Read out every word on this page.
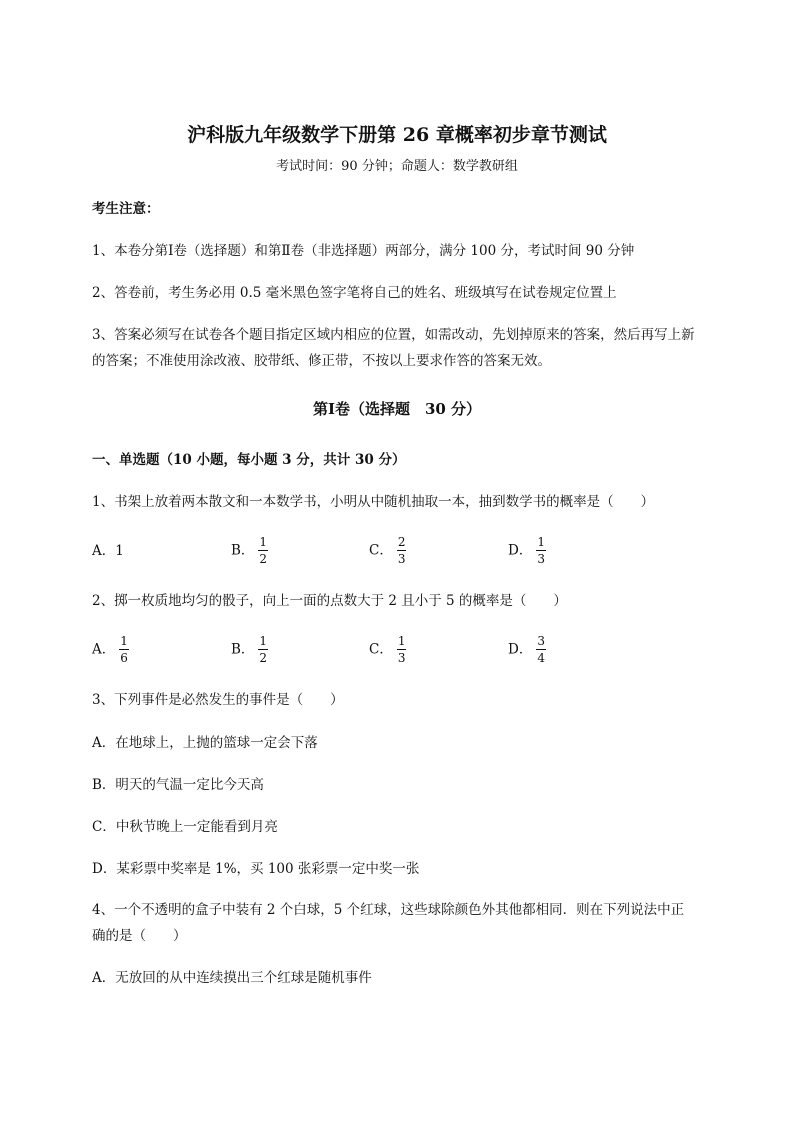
沪科版九年级数学下册第 26 章概率初步章节测试
考试时间：90 分钟；命题人：数学教研组
考生注意：
1、本卷分第Ⅰ卷（选择题）和第Ⅱ卷（非选择题）两部分，满分 100 分，考试时间 90 分钟
2、答卷前，考生务必用 0.5 毫米黑色签字笔将自己的姓名、班级填写在试卷规定位置上
3、答案必须写在试卷各个题目指定区域内相应的位置，如需改动，先划掉原来的答案，然后再写上新
的答案；不准使用涂改液、胶带纸、修正带，不按以上要求作答的答案无效。
第Ⅰ卷（选择题　30 分）
一、单选题（10 小题，每小题 3 分，共计 30 分）
1、书架上放着两本散文和一本数学书，小明从中随机抽取一本，抽到数学书的概率是（　　）
A．1	B． $\frac{1}{2}$	C． $\frac{2}{3}$	D． $\frac{1}{3}$
2、掷一枚质地均匀的骰子，向上一面的点数大于 2 且小于 5 的概率是（　　）
A． $\frac{1}{6}$	B． $\frac{1}{2}$	C． $\frac{1}{3}$	D． $\frac{3}{4}$
3、下列事件是必然发生的事件是（　　）
A．在地球上，上抛的篮球一定会下落
B．明天的气温一定比今天高
C．中秋节晚上一定能看到月亮
D．某彩票中奖率是 1%，买 100 张彩票一定中奖一张
4、一个不透明的盒子中装有 2 个白球，5 个红球，这些球除颜色外其他都相同．则在下列说法中正
确的是（　　）
A．无放回的从中连续摸出三个红球是随机事件
